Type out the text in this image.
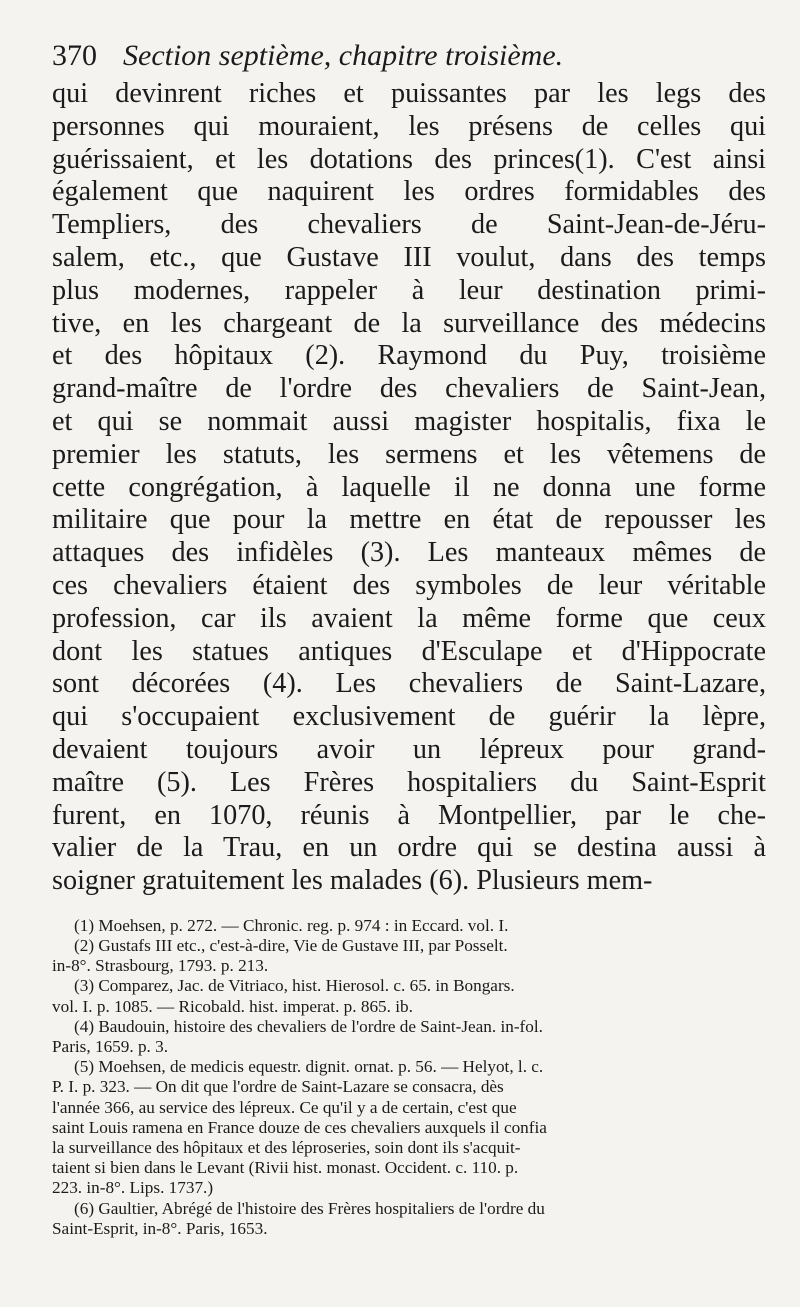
370 Section septième, chapitre troisième.
qui devinrent riches et puissantes par les legs des
personnes qui mouraient, les présens de celles qui
guérissaient, et les dotations des princes(1). C'est ainsi
également que naquirent les ordres formidables des
Templiers, des chevaliers de Saint-Jean-de-Jéru-
salem, etc., que Gustave III voulut, dans des temps
plus modernes, rappeler à leur destination primi-
tive, en les chargeant de la surveillance des médecins
et des hôpitaux (2). Raymond du Puy, troisième
grand-maître de l'ordre des chevaliers de Saint-Jean,
et qui se nommait aussi magister hospitalis, fixa le
premier les statuts, les sermens et les vêtemens de
cette congrégation, à laquelle il ne donna une forme
militaire que pour la mettre en état de repousser les
attaques des infidèles (3). Les manteaux mêmes de
ces chevaliers étaient des symboles de leur véritable
profession, car ils avaient la même forme que ceux
dont les statues antiques d'Esculape et d'Hippocrate
sont décorées (4). Les chevaliers de Saint-Lazare,
qui s'occupaient exclusivement de guérir la lèpre,
devaient toujours avoir un lépreux pour grand-
maître (5). Les Frères hospitaliers du Saint-Esprit
furent, en 1070, réunis à Montpellier, par le che-
valier de la Trau, en un ordre qui se destina aussi à
soigner gratuitement les malades (6). Plusieurs mem-
(1) Moehsen, p. 272. — Chronic. reg. p. 974 : in Eccard. vol. I.
(2) Gustafs III etc., c'est-à-dire, Vie de Gustave III, par Posselt.
in-8°. Strasbourg, 1793. p. 213.
(3) Comparez, Jac. de Vitriaco, hist. Hierosol. c. 65. in Bongars.
vol. I. p. 1085. — Ricobald. hist. imperat. p. 865. ib.
(4) Baudouin, histoire des chevaliers de l'ordre de Saint-Jean. in-fol.
Paris, 1659. p. 3.
(5) Moehsen, de medicis equestr. dignit. ornat. p. 56. — Helyot, l. c.
P. I. p. 323. — On dit que l'ordre de Saint-Lazare se consacra, dès
l'année 366, au service des lépreux. Ce qu'il y a de certain, c'est que
saint Louis ramena en France douze de ces chevaliers auxquels il confia
la surveillance des hôpitaux et des léproseries, soin dont ils s'acquit-
taient si bien dans le Levant (Rivii hist. monast. Occident. c. 110. p.
223. in-8°. Lips. 1737.)
(6) Gaultier, Abrégé de l'histoire des Frères hospitaliers de l'ordre du
Saint-Esprit, in-8°. Paris, 1653.
